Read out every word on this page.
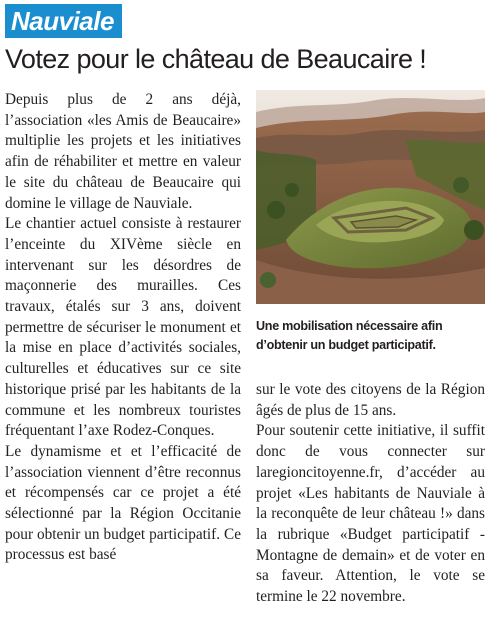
Nauviale
Votez pour le château de Beaucaire !

Depuis plus de 2 ans déjà, l’association «les Amis de Beaucaire» multiplie les projets et les initiatives afin de réhabiliter et mettre en valeur le site du château de Beaucaire qui domine le village de Nauviale.

Le chantier actuel consiste à restaurer l’enceinte du XIVème siècle en intervenant sur les désordres de maçonnerie des murailles. Ces travaux, étalés sur 3 ans, doivent permettre de sécuriser le monument et la mise en place d’activités sociales, culturelles et éducatives sur ce site historique prisé par les habitants de la commune et les nombreux touristes fréquentant l’axe Rodez-Conques.

Le dynamisme et et l’efficacité de l’association viennent d’être reconnus et récompensés car ce projet a été sélectionné par la Région Occitanie pour obtenir un budget participatif. Ce processus est basé

Une mobilisation nécessaire afin d’obtenir un budget participatif.

sur le vote des citoyens de la Région âgés de plus de 15 ans.

Pour soutenir cette initiative, il suffit donc de vous connecter sur laregioncitoyenne.fr, d’accéder au projet «Les habitants de Nauviale à la reconquête de leur château !» dans la rubrique «Budget participatif - Montagne de demain» et de voter en sa faveur. Attention, le vote se termine le 22 novembre.
